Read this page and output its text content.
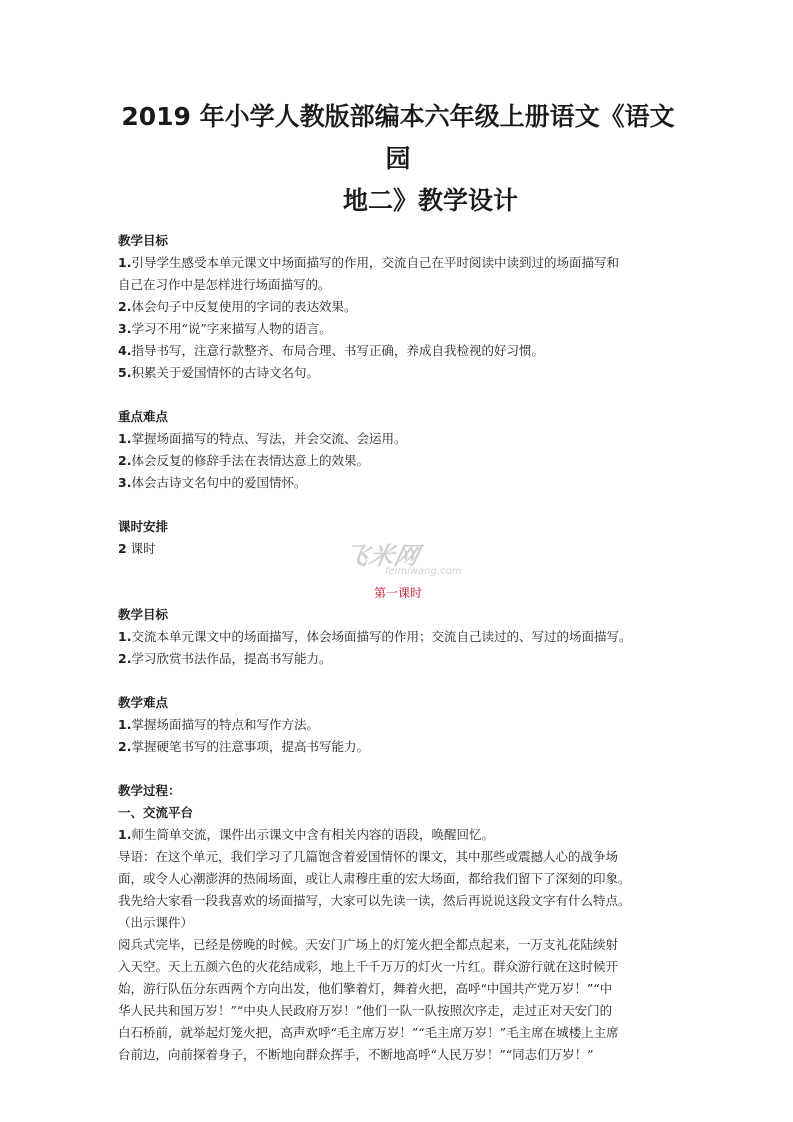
2019 年小学人教版部编本六年级上册语文《语文园
地二》教学设计

教学目标

1.引导学生感受本单元课文中场面描写的作用，交流自己在平时阅读中读到过的场面描写和

自己在习作中是怎样进行场面描写的。

2.体会句子中反复使用的字词的表达效果。

3.学习不用“说”字来描写人物的语言。

4.指导书写，注意行款整齐、布局合理、书写正确，养成自我检视的好习惯。

5.积累关于爱国情怀的古诗文名句。

重点难点

1.掌握场面描写的特点、写法，并会交流、会运用。

2.体会反复的修辞手法在表情达意上的效果。

3.体会古诗文名句中的爱国情怀。

课时安排

2 课时

第一课时

教学目标

1.交流本单元课文中的场面描写，体会场面描写的作用；交流自己读过的、写过的场面描写。

2.学习欣赏书法作品，提高书写能力。

教学难点

1.掌握场面描写的特点和写作方法。

2.掌握硬笔书写的注意事项，提高书写能力。

教学过程：

一、交流平台

1.师生简单交流，课件出示课文中含有相关内容的语段，唤醒回忆。

导语：在这个单元，我们学习了几篇饱含着爱国情怀的课文，其中那些或震撼人心的战争场

面，或令人心潮澎湃的热闹场面，或让人肃穆庄重的宏大场面，都给我们留下了深刻的印象。

我先给大家看一段我喜欢的场面描写，大家可以先读一读，然后再说说这段文字有什么特点。

（出示课件）

阅兵式完毕，已经是傍晚的时候。天安门广场上的灯笼火把全都点起来，一万支礼花陆续射

入天空。天上五颜六色的火花结成彩，地上千千万万的灯火一片红。群众游行就在这时候开

始，游行队伍分东西两个方向出发，他们擎着灯，舞着火把，高呼“中国共产党万岁！”“中

华人民共和国万岁！”“中央人民政府万岁！”他们一队一队按照次序走，走过正对天安门的

白石桥前，就举起灯笼火把，高声欢呼“毛主席万岁！”“毛主席万岁！”毛主席在城楼上主席

台前边，向前探着身子，不断地向群众挥手，不断地高呼“人民万岁！”“同志们万岁！”

飞米网
feimiwang.com
